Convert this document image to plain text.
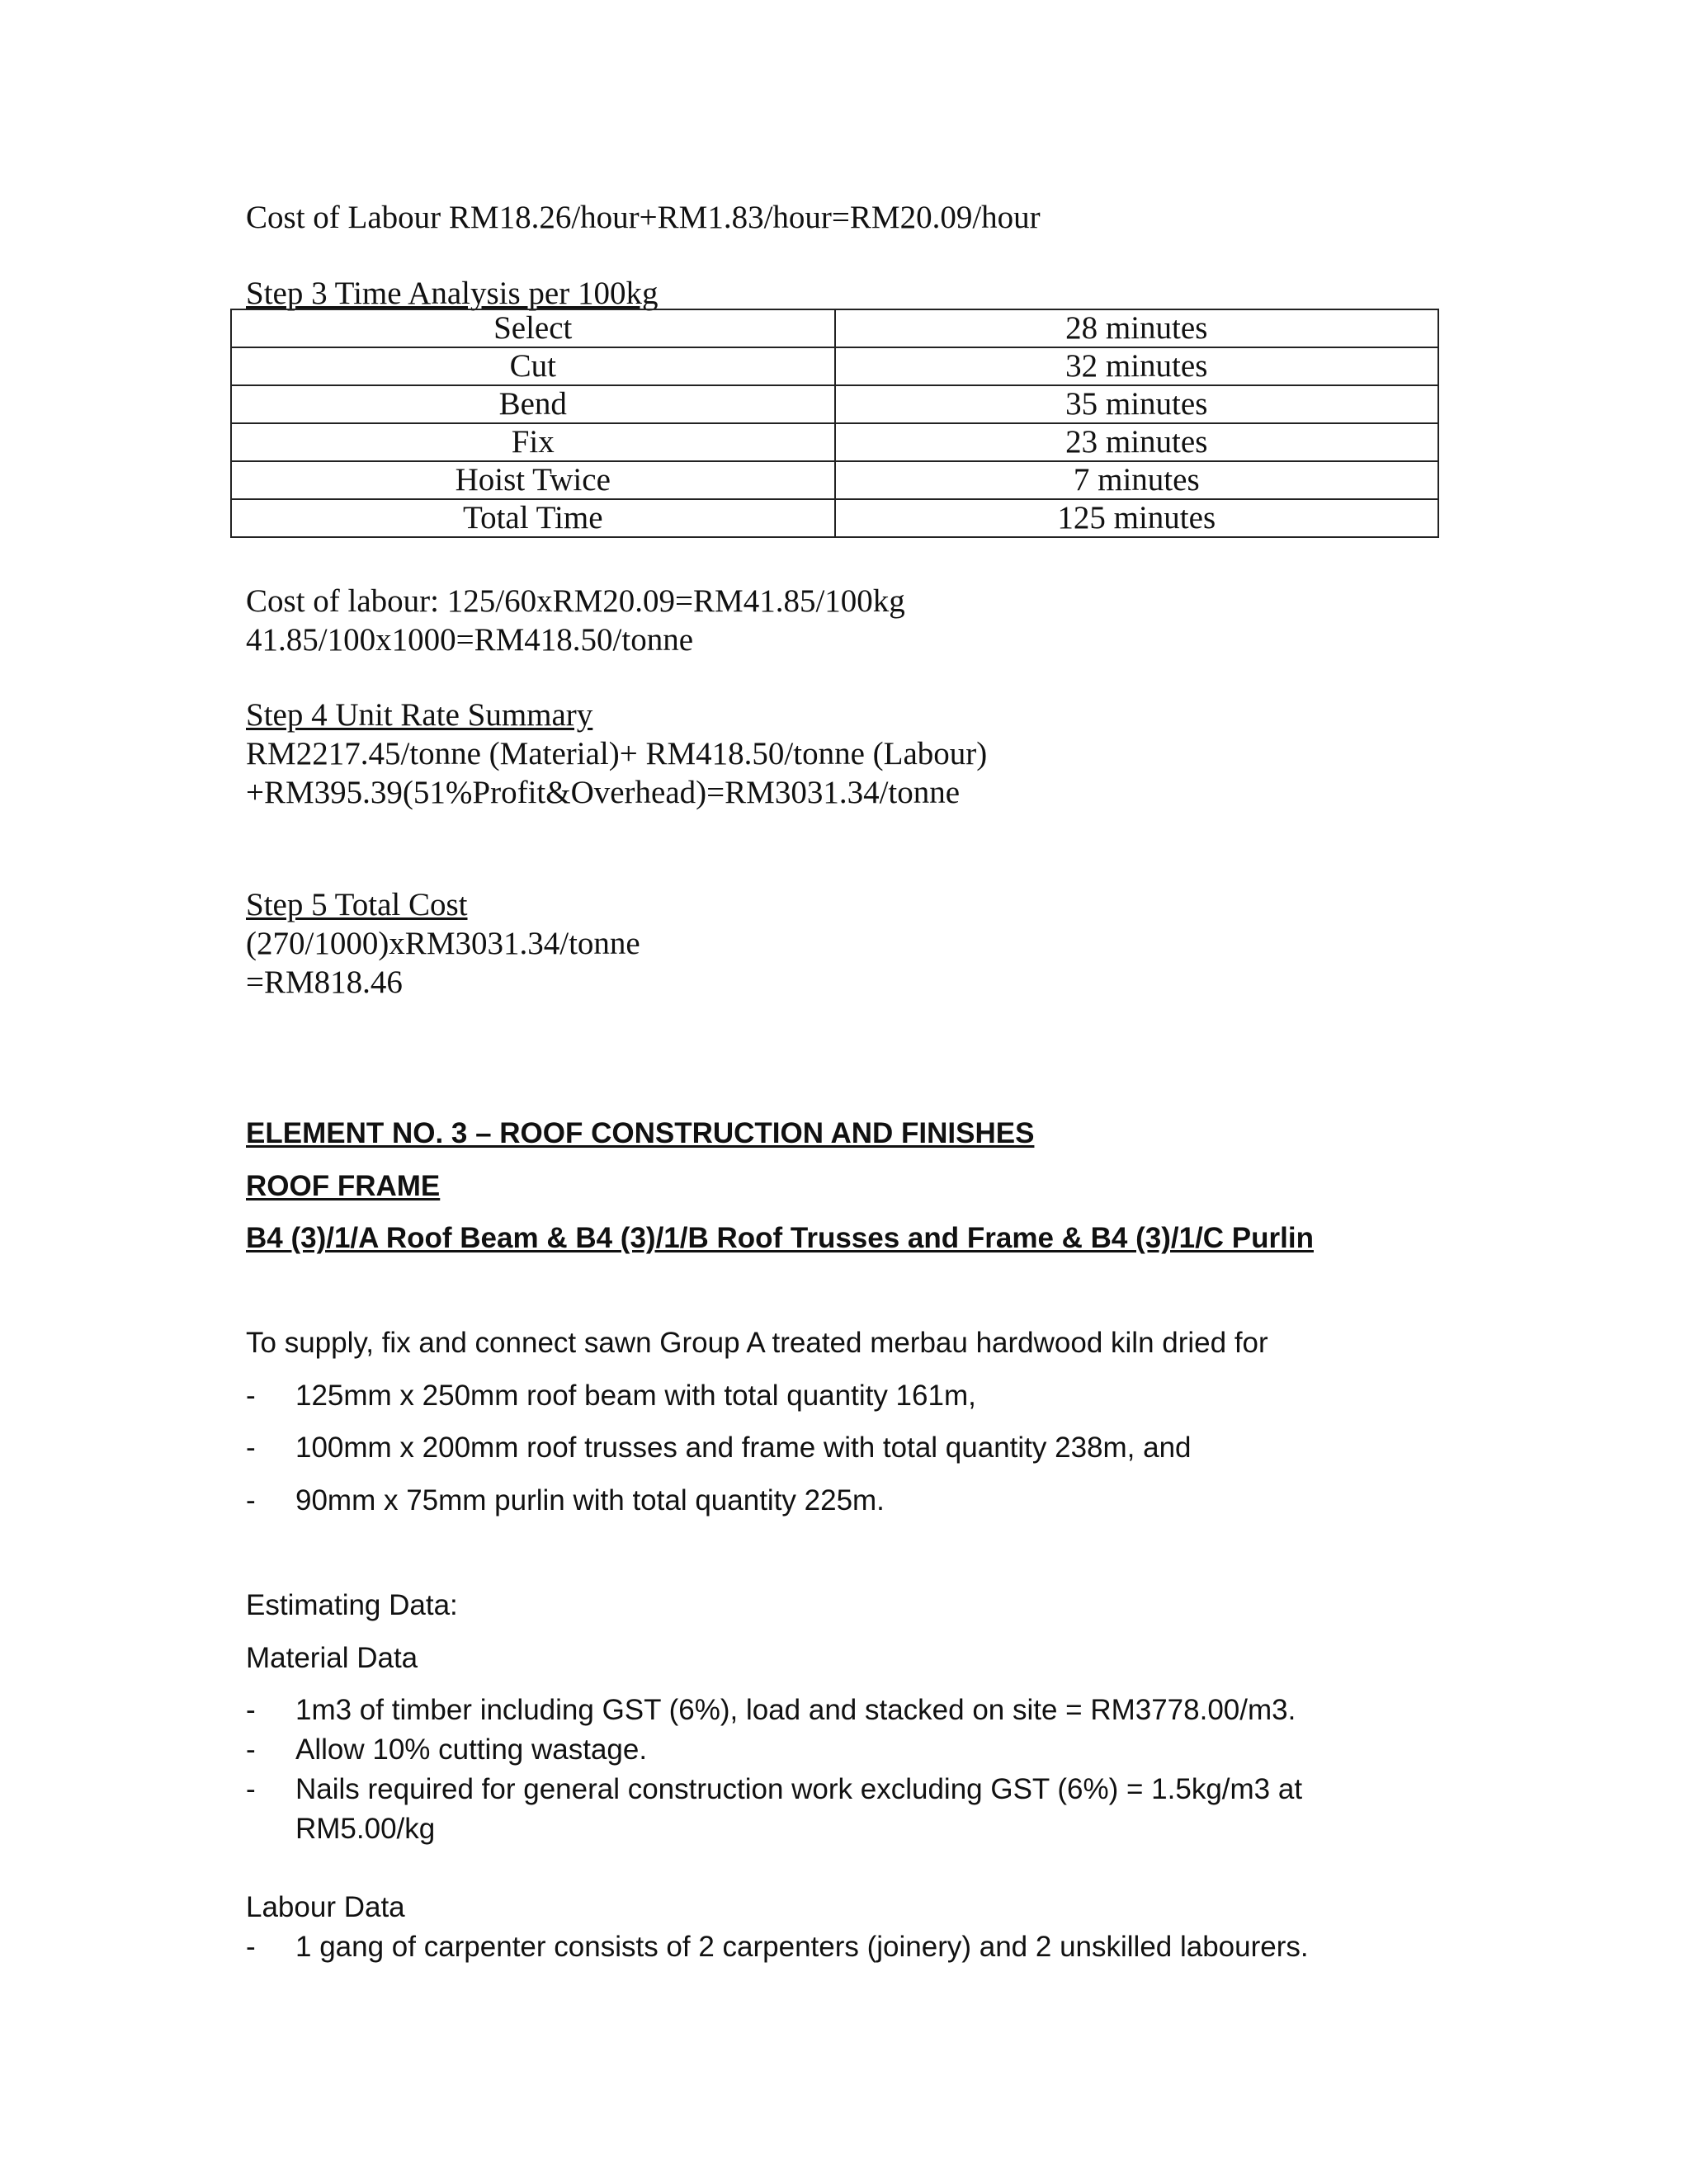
Cost of Labour RM18.26/hour+RM1.83/hour=RM20.09/hour
Step 3 Time Analysis per 100kg
Select	28 minutes
Cut	32 minutes
Bend	35 minutes
Fix	23 minutes
Hoist Twice	7 minutes
Total Time	125 minutes
Cost of labour: 125/60xRM20.09=RM41.85/100kg
41.85/100x1000=RM418.50/tonne
Step 4 Unit Rate Summary
RM2217.45/tonne (Material)+ RM418.50/tonne (Labour)
+RM395.39(51%Profit&Overhead)=RM3031.34/tonne
Step 5 Total Cost
(270/1000)xRM3031.34/tonne
=RM818.46
ELEMENT NO. 3 – ROOF CONSTRUCTION AND FINISHES
ROOF FRAME
B4 (3)/1/A Roof Beam & B4 (3)/1/B Roof Trusses and Frame & B4 (3)/1/C Purlin
To supply, fix and connect sawn Group A treated merbau hardwood kiln dried for
- 125mm x 250mm roof beam with total quantity 161m,
- 100mm x 200mm roof trusses and frame with total quantity 238m, and
- 90mm x 75mm purlin with total quantity 225m.
Estimating Data:
Material Data
- 1m3 of timber including GST (6%), load and stacked on site = RM3778.00/m3.
- Allow 10% cutting wastage.
- Nails required for general construction work excluding GST (6%) = 1.5kg/m3 at
RM5.00/kg
Labour Data
- 1 gang of carpenter consists of 2 carpenters (joinery) and 2 unskilled labourers.
